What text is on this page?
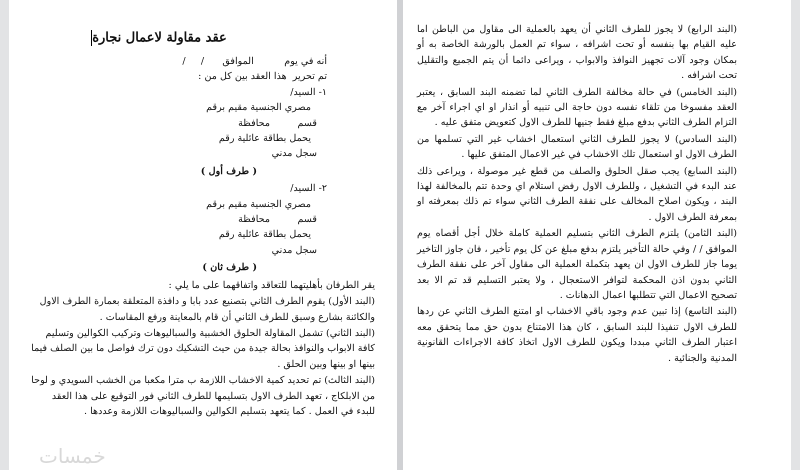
عقد مقاولة لاعمال نجارة
أنه في يوم          الموافق      /     /
تم تحرير  هذا العقد بين كل من :
١- السيد/
مصري الجنسية مقيم برقم
قسم         محافظة
يحمل بطاقة عائلية رقم
سجل مدني
( طرف أول )
٢- السيد/
مصري الجنسية مقيم برقم
قسم         محافظة
يحمل بطاقة عائلية رقم
سجل مدني
( طرف ثان )
يقر الطرفان بأهليتهما للتعاقد واتفاقهما على ما يلي :
(البند الأول) يقوم الطرف الثاني بتصنيع عدد بابا و دافذة المتعلقة بعمارة الطرف الاول والكائنة بشارع وسبق للطرف الثاني أن قام بالمعاينة ورفع المقاسات .
(البند الثاني) تشمل المقاولة الحلوق الخشبية والسباليوهات وتركيب الكوالين وتسليم كافة الابواب والنوافذ بحالة جيدة من حيث التشكيك دون ترك فواصل ما بين الصلف فيما بينها او بينها وبين الحلق .
(البند الثالث) تم تحديد كمية الاخشاب اللازمة ب مترا مكعبا من الخشب السويدي و لوحا من الابلكاج ، تعهد الطرف الاول بتسليمها للطرف الثاني فور التوقيع على هذا العقد للبدء في العمل . كما يتعهد بتسليم الكوالين والسباليوهات اللازمة وعددها .
خمسات
(البند الرابع) لا يجوز للطرف الثاني أن يعهد بالعملية الى مقاول من الباطن اما عليه القيام بها بنفسه أو تحت اشرافه ، سواء تم العمل بالورشة الخاصة به أو بمكان وجود آلات تجهيز النوافذ والابواب ، ويراعى دائما أن يتم الجميع والتقليل تحت اشرافه .
(البند الخامس) في حالة مخالفة الطرف الثاني لما تضمنه البند السابق ، يعتبر العقد مفسوخا من تلقاء نفسه دون حاجة الى تنبيه أو انذار او اي اجراء آخر مع التزام الطرف الثاني بدفع مبلغ فقط جنيها للطرف الاول كتعويض متفق عليه .
(البند السادس) لا يجوز للطرف الثاني استعمال اخشاب غير التي تسلمها من الطرف الاول او استعمال تلك الاخشاب في غير الاعمال المتفق عليها .
(البند السابع) يجب صقل الحلوق والصلف من قطع غير موصولة ، ويراعى ذلك عند البدء في التشغيل ، وللطرف الاول رفض استلام اي وحدة تتم بالمخالفة لهذا البند ، ويكون اصلاح المخالف على نفقة الطرف الثاني سواء تم ذلك بمعرفته او بمعرفة الطرف الاول .
(البند الثامن) يلتزم الطرف الثاني بتسليم العملية كاملة خلال أجل أقصاه يوم الموافق / / وفي حالة التأخير يلتزم بدفع مبلغ عن كل يوم تأخير ، فان جاوز التاخير يوما جاز للطرف الاول ان يعهد بتكملة العملية الى مقاول آخر على نفقة الطرف الثاني بدون اذن المحكمة لتوافر الاستعجال ، ولا يعتبر التسليم قد تم الا بعد تصحيح الاعمال التي تتطلبها اعمال الدهانات .
(البند التاسع) إذا تبين عدم وجود باقي الاخشاب او امتنع الطرف الثاني عن ردها للطرف الاول تنفيذا للبند السابق ، كان هذا الامتناع بدون حق مما يتحقق معه اعتبار الطرف الثاني مبددا ويكون للطرف الاول اتخاذ كافة الاجراءات القانونية المدنية والجنائية .
